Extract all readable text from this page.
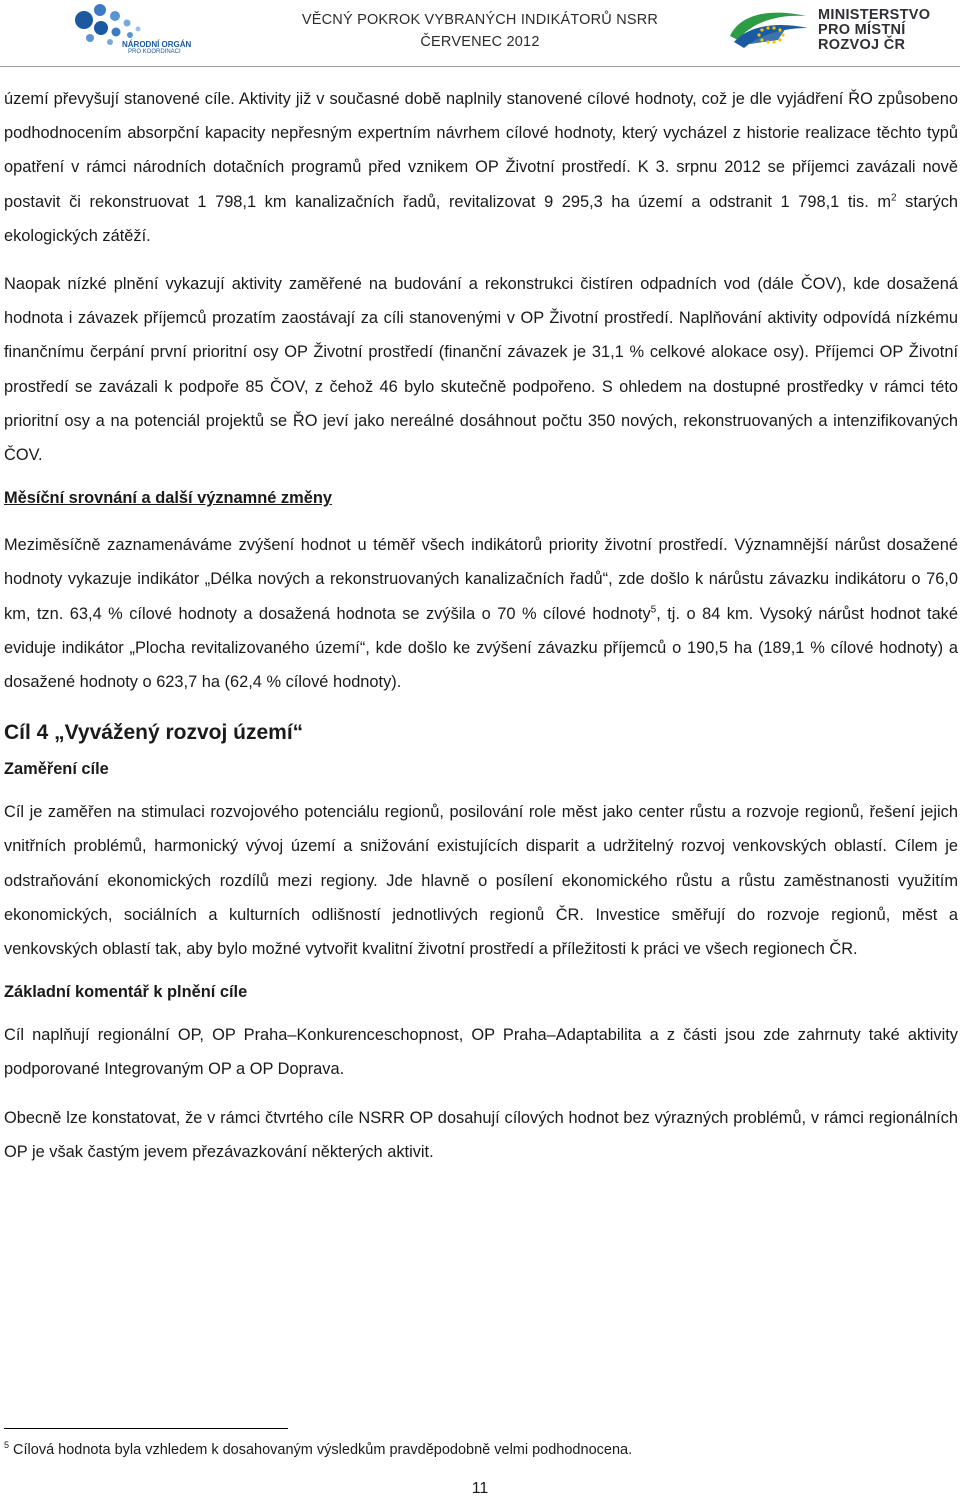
NÁRODNÍ ORGÁN
PRO KOORDINACI
VĚCNÝ POKROK VYBRANÝCH INDIKÁTORŮ NSRR
ČERVENEC 2012
MINISTERSTVO
PRO MÍSTNÍ
ROZVOJ ČR

území převyšují stanovené cíle. Aktivity již v současné době naplnily stanovené cílové hodnoty, což je dle vyjádření ŘO způsobeno podhodnocením absorpční kapacity nepřesným expertním návrhem cílové hodnoty, který vycházel z historie realizace těchto typů opatření v rámci národních dotačních programů před vznikem OP Životní prostředí. K 3. srpnu 2012 se příjemci zavázali nově postavit či rekonstruovat 1 798,1 km kanalizačních řadů, revitalizovat 9 295,3 ha území a odstranit 1 798,1 tis. $m^2$ starých ekologických zátěží.

Naopak nízké plnění vykazují aktivity zaměřené na budování a rekonstrukci čistíren odpadních vod (dále ČOV), kde dosažená hodnota i závazek příjemců prozatím zaostávají za cíli stanovenými v OP Životní prostředí. Naplňování aktivity odpovídá nízkému finančnímu čerpání první prioritní osy OP Životní prostředí (finanční závazek je 31,1 % celkové alokace osy). Příjemci OP Životní prostředí se zavázali k podpoře 85 ČOV, z čehož 46 bylo skutečně podpořeno. S ohledem na dostupné prostředky v rámci této prioritní osy a na potenciál projektů se ŘO jeví jako nereálné dosáhnout počtu 350 nových, rekonstruovaných a intenzifikovaných ČOV.

Měsíční srovnání a další významné změny

Meziměsíčně zaznamenáváme zvýšení hodnot u téměř všech indikátorů priority životní prostředí. Významnější nárůst dosažené hodnoty vykazuje indikátor „Délka nových a rekonstruovaných kanalizačních řadů“, zde došlo k nárůstu závazku indikátoru o 76,0 km, tzn. 63,4 % cílové hodnoty a dosažená hodnota se zvýšila o 70 % cílové hodnoty$^5$, tj. o 84 km. Vysoký nárůst hodnot také eviduje indikátor „Plocha revitalizovaného území“, kde došlo ke zvýšení závazku příjemců o 190,5 ha (189,1 % cílové hodnoty) a dosažené hodnoty o 623,7 ha (62,4 % cílové hodnoty).

Cíl 4 „Vyvážený rozvoj území“
Zaměření cíle

Cíl je zaměřen na stimulaci rozvojového potenciálu regionů, posilování role měst jako center růstu a rozvoje regionů, řešení jejich vnitřních problémů, harmonický vývoj území a snižování existujících disparit a udržitelný rozvoj venkovských oblastí. Cílem je odstraňování ekonomických rozdílů mezi regiony. Jde hlavně o posílení ekonomického růstu a růstu zaměstnanosti využitím ekonomických, sociálních a kulturních odlišností jednotlivých regionů ČR. Investice směřují do rozvoje regionů, měst a venkovských oblastí tak, aby bylo možné vytvořit kvalitní životní prostředí a příležitosti k práci ve všech regionech ČR.

Základní komentář k plnění cíle

Cíl naplňují regionální OP, OP Praha–Konkurenceschopnost, OP Praha–Adaptabilita a z části jsou zde zahrnuty také aktivity podporované Integrovaným OP a OP Doprava.

Obecně lze konstatovat, že v rámci čtvrtého cíle NSRR OP dosahují cílových hodnot bez výrazných problémů, v rámci regionálních OP je však častým jevem přezávazkování některých aktivit.

$^5$ Cílová hodnota byla vzhledem k dosahovaným výsledkům pravděpodobně velmi podhodnocena.
11
